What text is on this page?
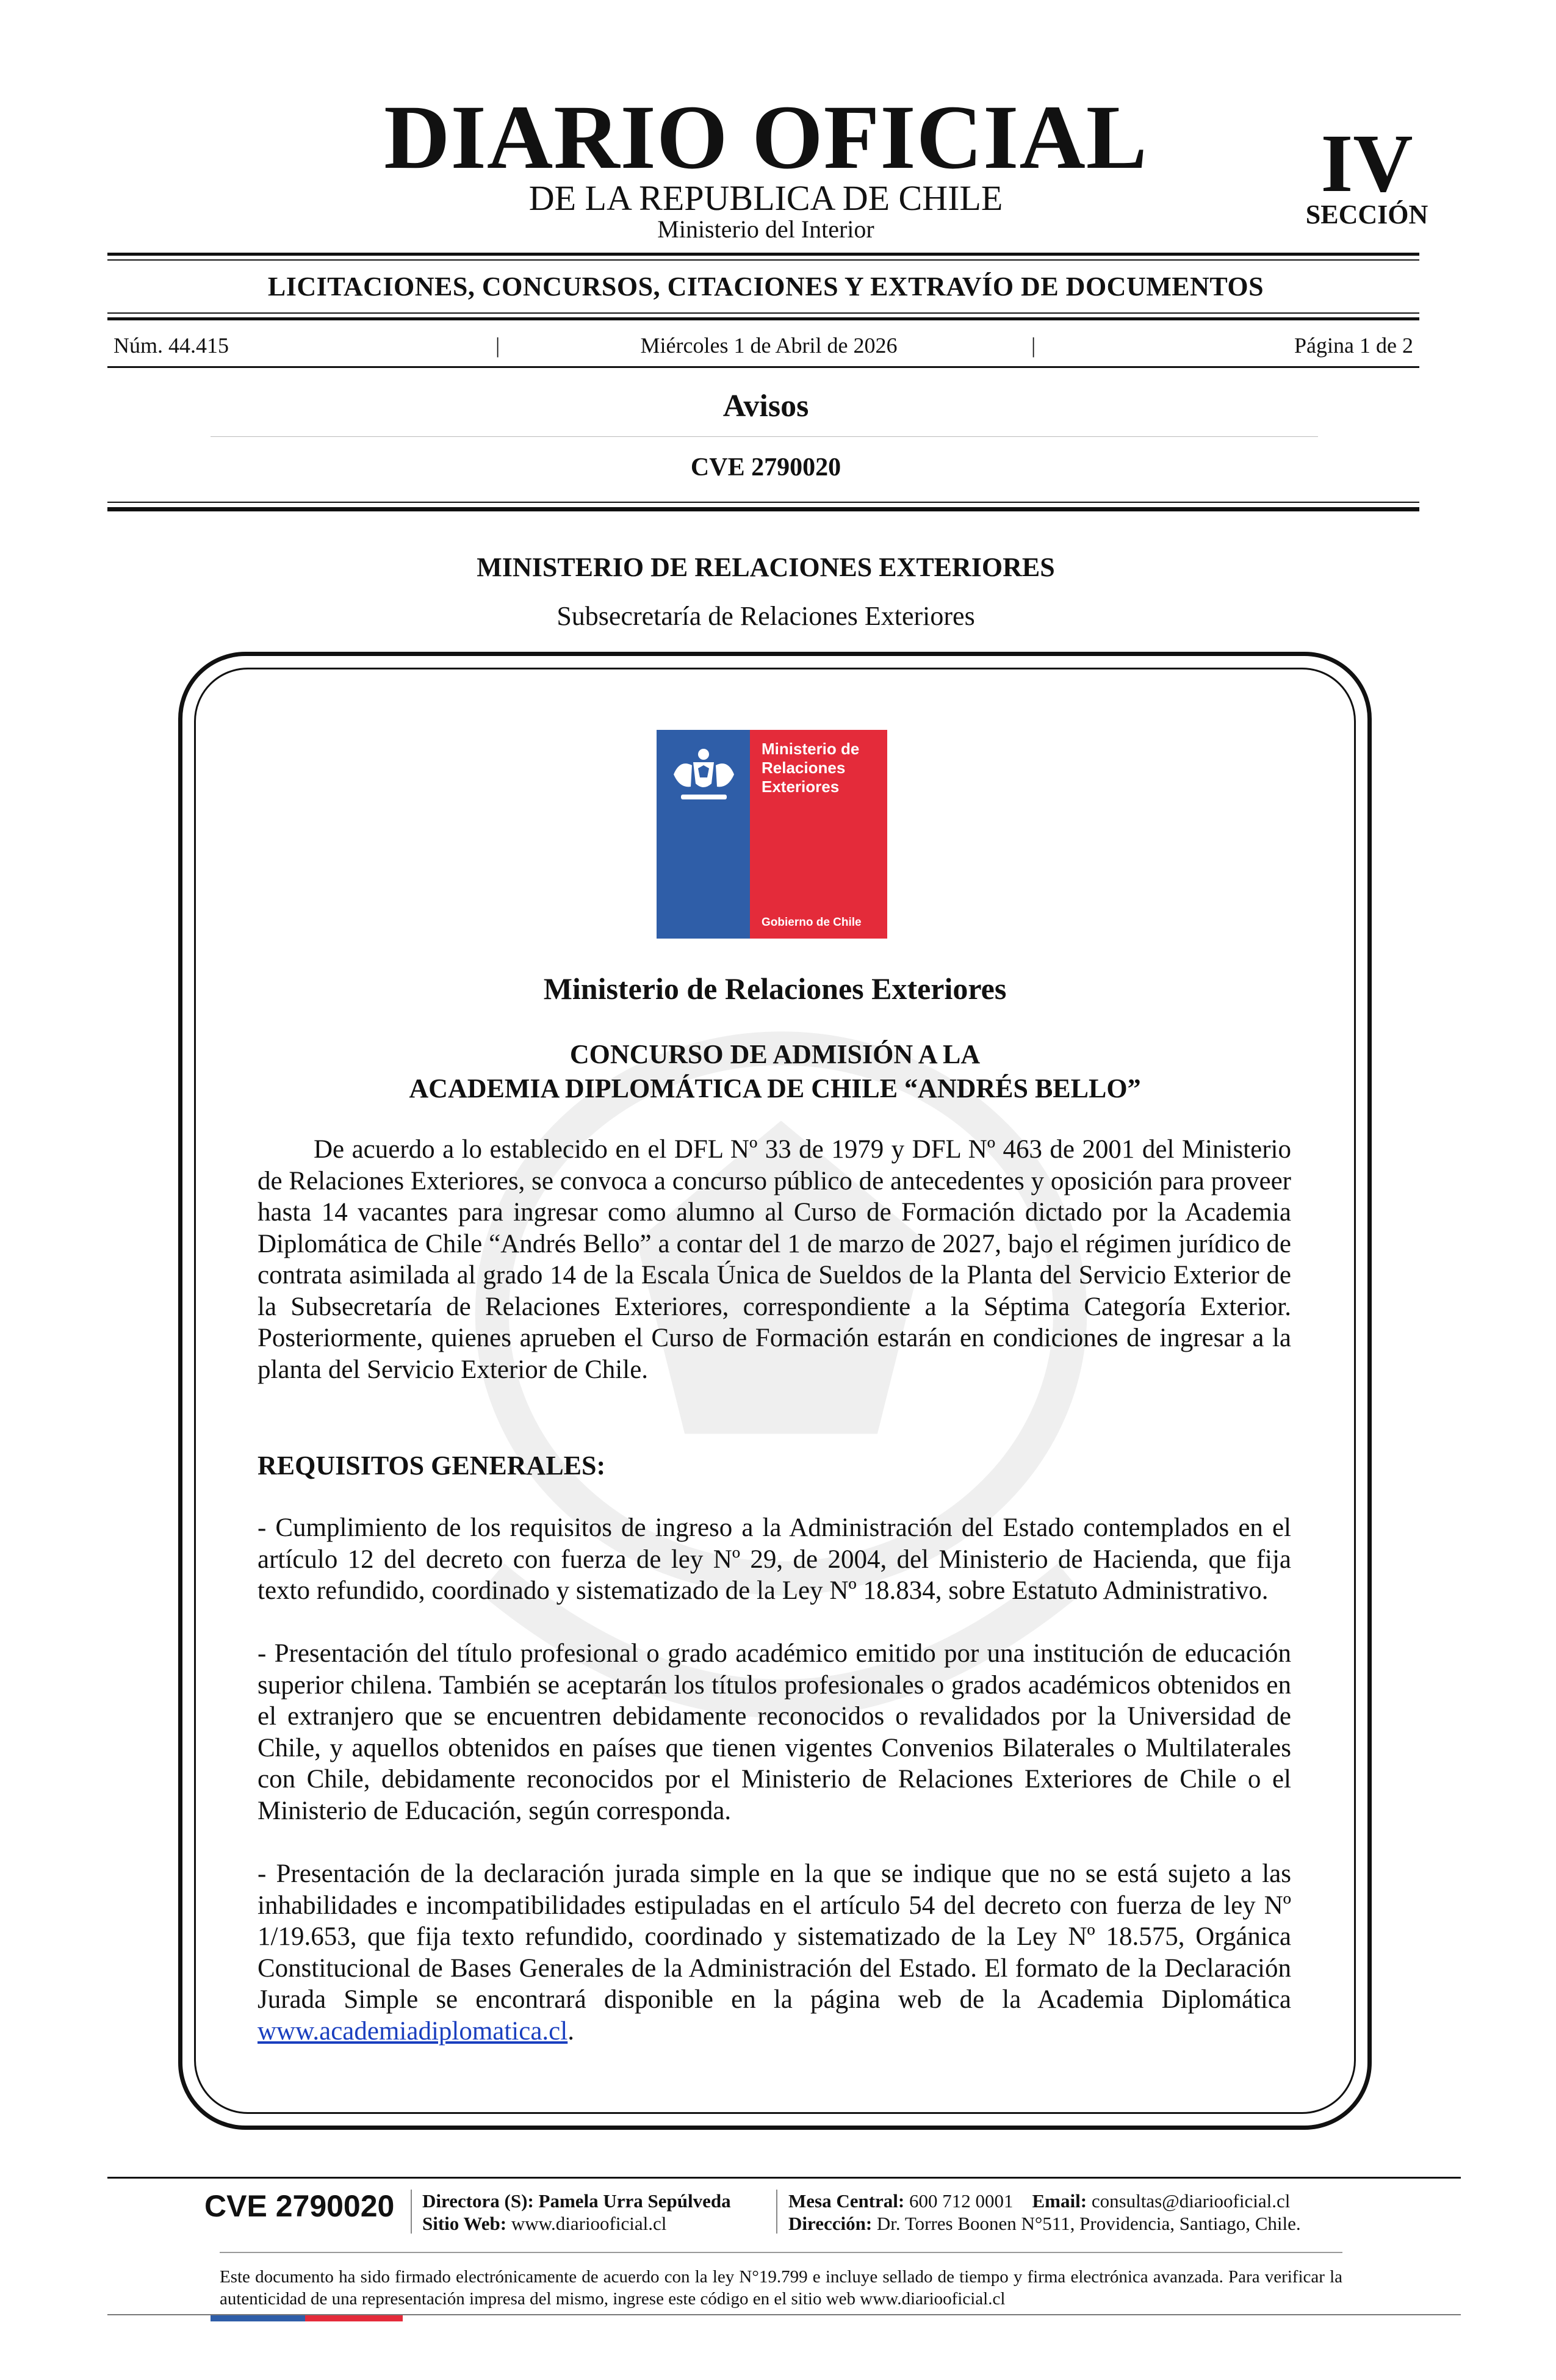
DIARIO OFICIAL
DE LA REPUBLICA DE CHILE
Ministerio del Interior
IV
SECCIÓN
LICITACIONES, CONCURSOS, CITACIONES Y EXTRAVÍO DE DOCUMENTOS
Núm. 44.415	|	Miércoles 1 de Abril de 2026	|	Página 1 de 2
Avisos
CVE 2790020
MINISTERIO DE RELACIONES EXTERIORES
Subsecretaría de Relaciones Exteriores
Ministerio de
Relaciones
Exteriores
Gobierno de Chile
Ministerio de Relaciones Exteriores
CONCURSO DE ADMISIÓN A LA
ACADEMIA DIPLOMÁTICA DE CHILE “ANDRÉS BELLO”

De acuerdo a lo establecido en el DFL Nº 33 de 1979 y DFL Nº 463 de 2001 del Ministerio de Relaciones Exteriores, se convoca a concurso público de antecedentes y oposición para proveer hasta 14 vacantes para ingresar como alumno al Curso de Formación dictado por la Academia Diplomática de Chile “Andrés Bello” a contar del 1 de marzo de 2027, bajo el régimen jurídico de contrata asimilada al grado 14 de la Escala Única de Sueldos de la Planta del Servicio Exterior de la Subsecretaría de Relaciones Exteriores, correspondiente a la Séptima Categoría Exterior. Posteriormente, quienes aprueben el Curso de Formación estarán en condiciones de ingresar a la planta del Servicio Exterior de Chile.

REQUISITOS GENERALES:

- Cumplimiento de los requisitos de ingreso a la Administración del Estado contemplados en el artículo 12 del decreto con fuerza de ley Nº 29, de 2004, del Ministerio de Hacienda, que fija texto refundido, coordinado y sistematizado de la Ley Nº 18.834, sobre Estatuto Administrativo.

- Presentación del título profesional o grado académico emitido por una institución de educación superior chilena. También se aceptarán los títulos profesionales o grados académicos obtenidos en el extranjero que se encuentren debidamente reconocidos o revalidados por la Universidad de Chile, y aquellos obtenidos en países que tienen vigentes Convenios Bilaterales o Multilaterales con Chile, debidamente reconocidos por el Ministerio de Relaciones Exteriores de Chile o el Ministerio de Educación, según corresponda.

- Presentación de la declaración jurada simple en la que se indique que no se está sujeto a las inhabilidades e incompatibilidades estipuladas en el artículo 54 del decreto con fuerza de ley Nº 1/19.653, que fija texto refundido, coordinado y sistematizado de la Ley Nº 18.575, Orgánica Constitucional de Bases Generales de la Administración del Estado. El formato de la Declaración Jurada Simple se encontrará disponible en la página web de la Academia Diplomática www.academiadiplomatica.cl.

CVE 2790020 Directora (S): Pamela Urra Sepúlveda
Sitio Web: www.diariooficial.cl
Mesa Central: 600 712 0001 Email: consultas@diariooficial.cl
Dirección: Dr. Torres Boonen N°511, Providencia, Santiago, Chile.
Este documento ha sido firmado electrónicamente de acuerdo con la ley N°19.799 e incluye sellado de tiempo y firma electrónica avanzada. Para verificar la autenticidad de una representación impresa del mismo, ingrese este código en el sitio web www.diariooficial.cl
